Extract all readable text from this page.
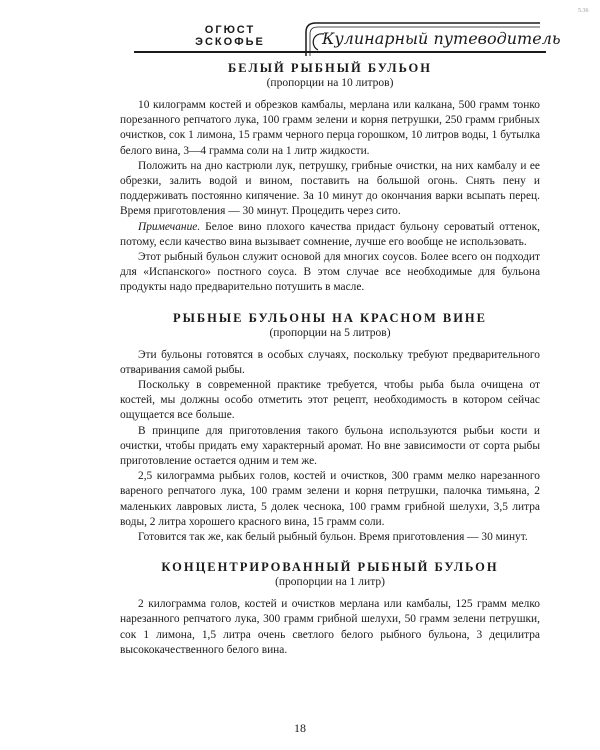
5.36
ОГЮСТ
ЭСКОФЬЕ	Кулинарный путеводитель
БЕЛЫЙ РЫБНЫЙ БУЛЬОН
(пропорции на 10 литров)

10 килограмм костей и обрезков камбалы, мерлана или калкана, 500 грамм тонко порезанного репчатого лука, 100 грамм зелени и корня петрушки, 250 грамм грибных очистков, сок 1 лимона, 15 грамм черного перца горошком, 10 литров воды, 1 бутылка белого вина, 3—4 грамма соли на 1 литр жидкости.

Положить на дно кастрюли лук, петрушку, грибные очистки, на них камбалу и ее обрезки, залить водой и вином, поставить на большой огонь. Снять пену и поддерживать постоянно кипячение. За 10 минут до окончания варки всыпать перец. Время приготовления — 30 минут. Процедить через сито.

Примечание. Белое вино плохого качества придаст бульону сероватый оттенок, потому, если качество вина вызывает сомнение, лучше его вообще не использовать.

Этот рыбный бульон служит основой для многих соусов. Более всего он подходит для «Испанского» постного соуса. В этом случае все необходимые для бульона продукты надо предварительно потушить в масле.

РЫБНЫЕ БУЛЬОНЫ НА КРАСНОМ ВИНЕ
(пропорции на 5 литров)

Эти бульоны готовятся в особых случаях, поскольку требуют предварительного отваривания самой рыбы.

Поскольку в современной практике требуется, чтобы рыба была очищена от костей, мы должны особо отметить этот рецепт, необходимость в котором сейчас ощущается все больше.

В принципе для приготовления такого бульона используются рыбьи кости и очистки, чтобы придать ему характерный аромат. Но вне зависимости от сорта рыбы приготовление остается одним и тем же.

2,5 килограмма рыбьих голов, костей и очистков, 300 грамм мелко нарезанного вареного репчатого лука, 100 грамм зелени и корня петрушки, палочка тимьяна, 2 маленьких лавровых листа, 5 долек чеснока, 100 грамм грибной шелухи, 3,5 литра воды, 2 литра хорошего красного вина, 15 грамм соли.

Готовится так же, как белый рыбный бульон. Время приготовления — 30 минут.

КОНЦЕНТРИРОВАННЫЙ РЫБНЫЙ БУЛЬОН
(пропорции на 1 литр)

2 килограмма голов, костей и очистков мерлана или камбалы, 125 грамм мелко нарезанного репчатого лука, 300 грамм грибной шелухи, 50 грамм зелени петрушки, сок 1 лимона, 1,5 литра очень светлого белого рыбного бульона, 3 децилитра высококачественного белого вина.

18
